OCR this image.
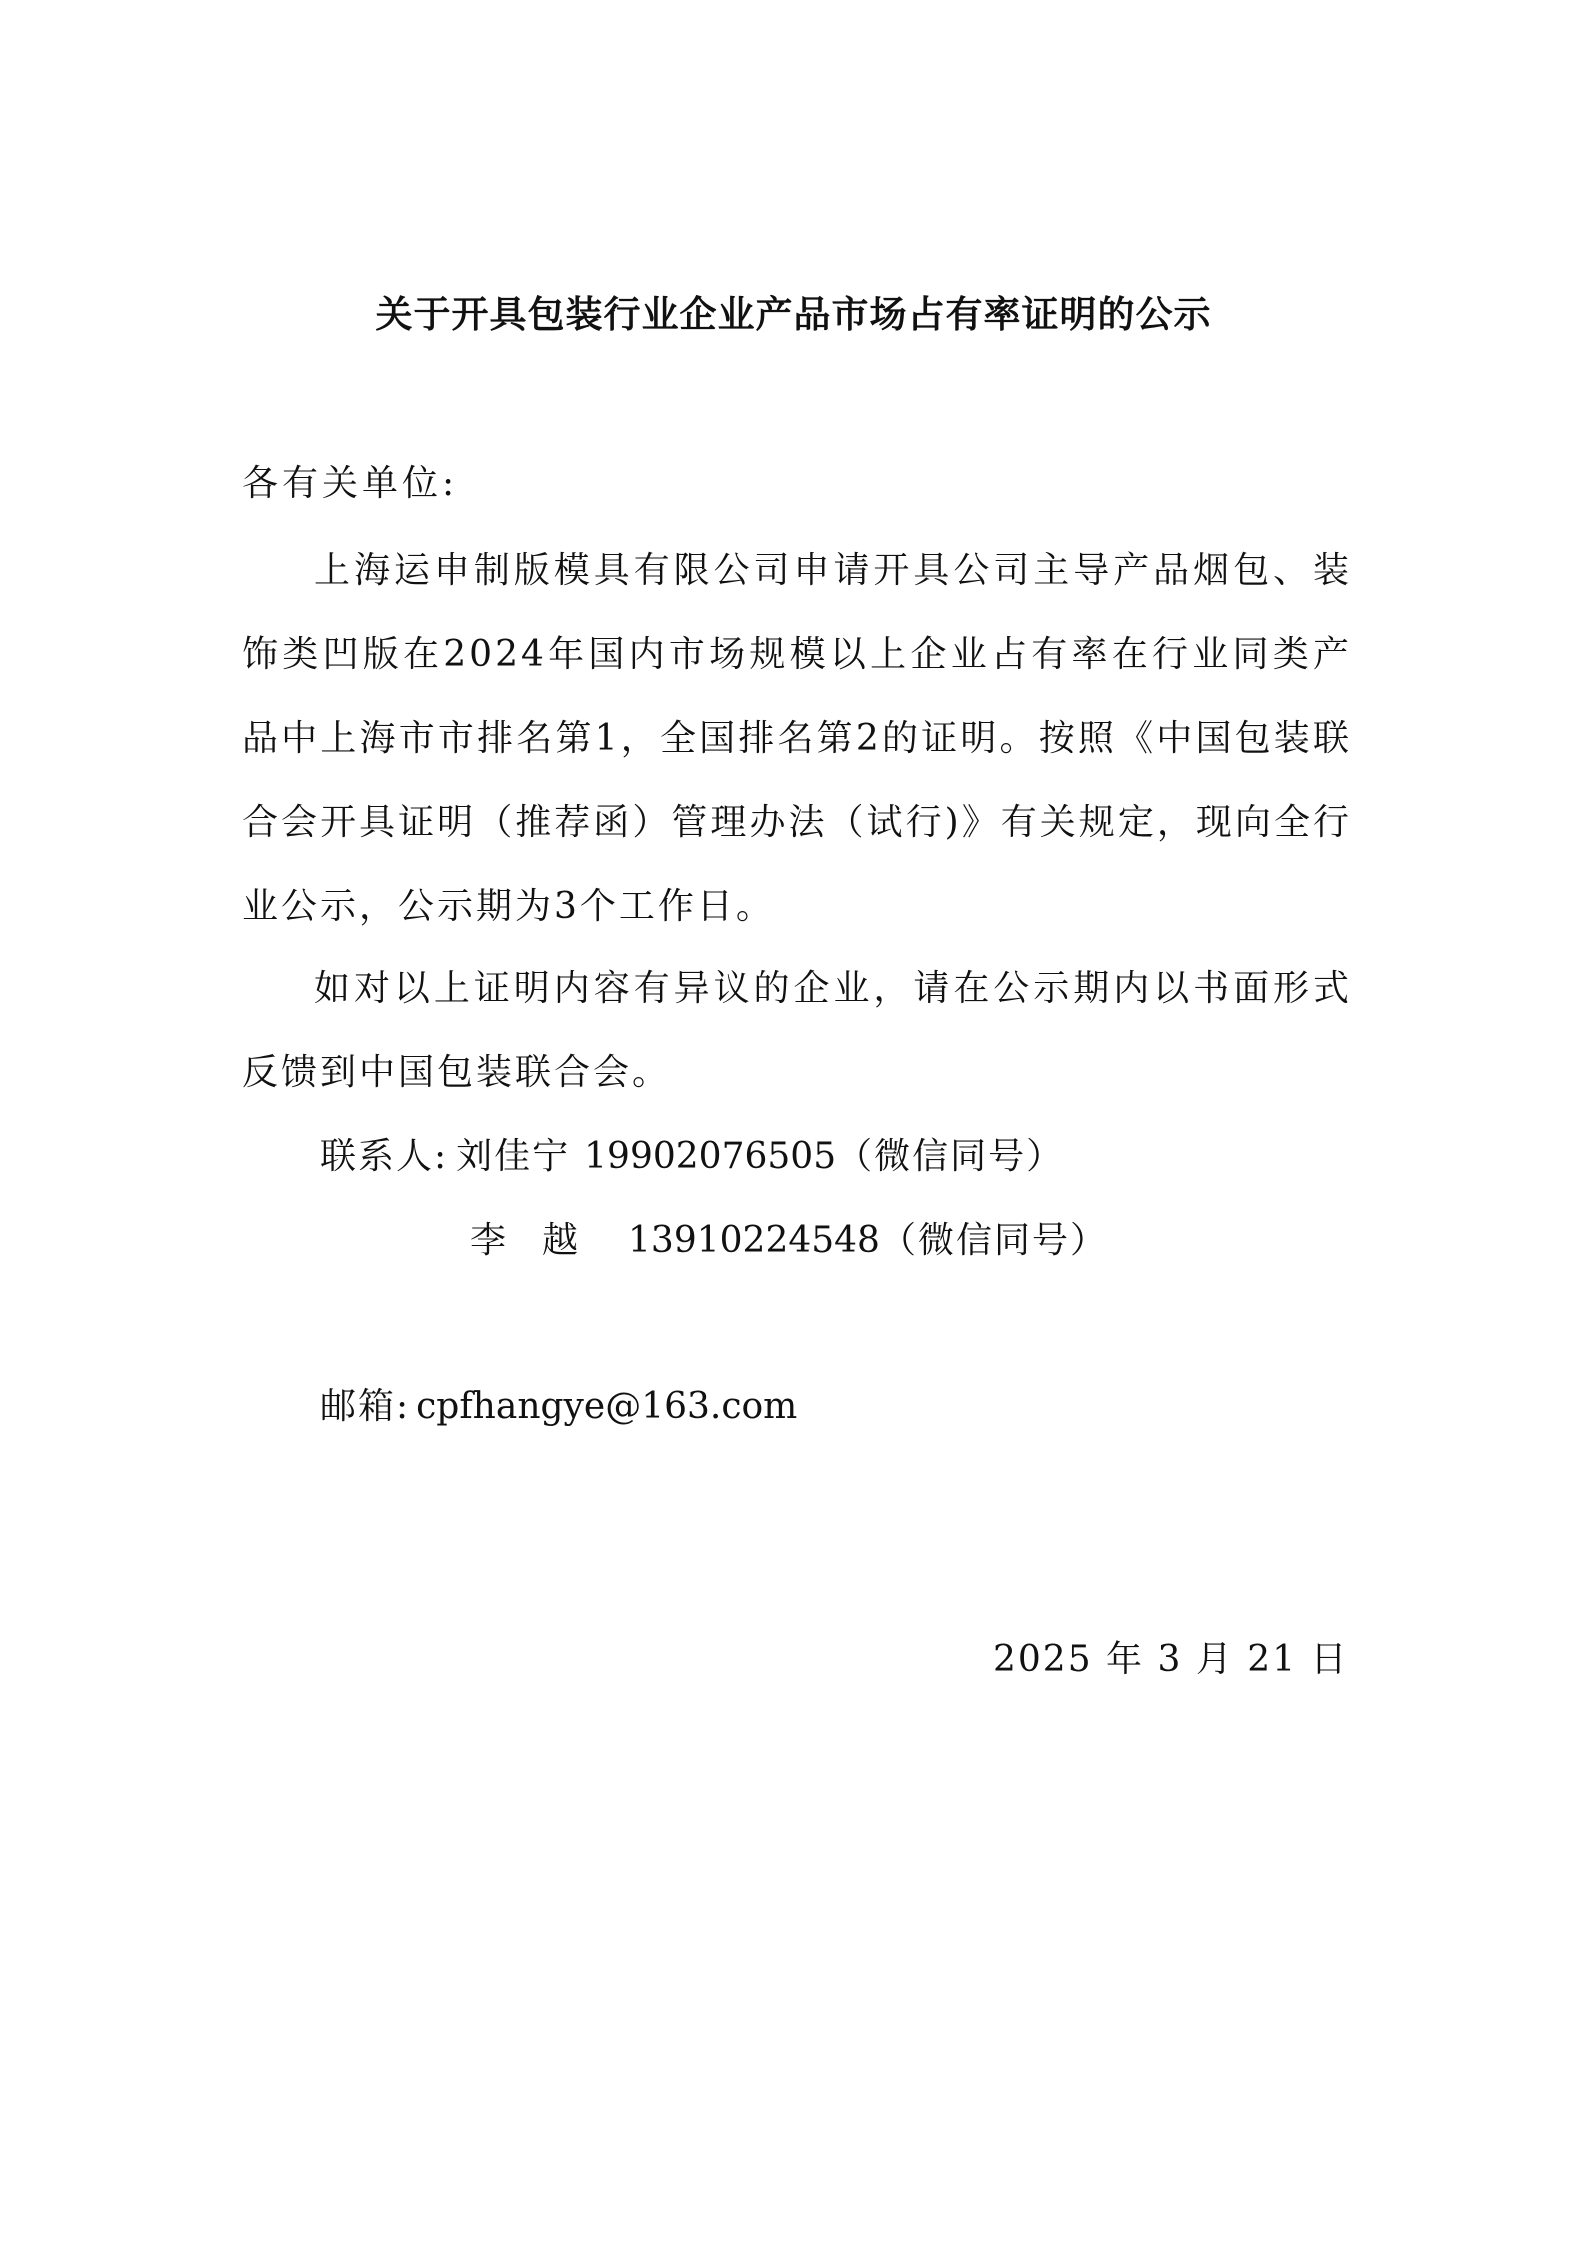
关于开具包装行业企业产品市场占有率证明的公示
各有关单位:

上海运申制版模具有限公司申请开具公司主导产品烟包、装饰类凹版在2024年国内市场规模以上企业占有率在行业同类产品中上海市市排名第1，全国排名第2的证明。按照《中国包装联合会开具证明（推荐函）管理办法（试行)》有关规定，现向全行业公示，公示期为3个工作日。

如对以上证明内容有异议的企业，请在公示期内以书面形式反馈到中国包装联合会。

联系人: 刘佳宁 19902076505（微信同号）
李越 13910224548（微信同号）
邮箱: cpfhangye@163.com
2025 年 3 月 21 日
